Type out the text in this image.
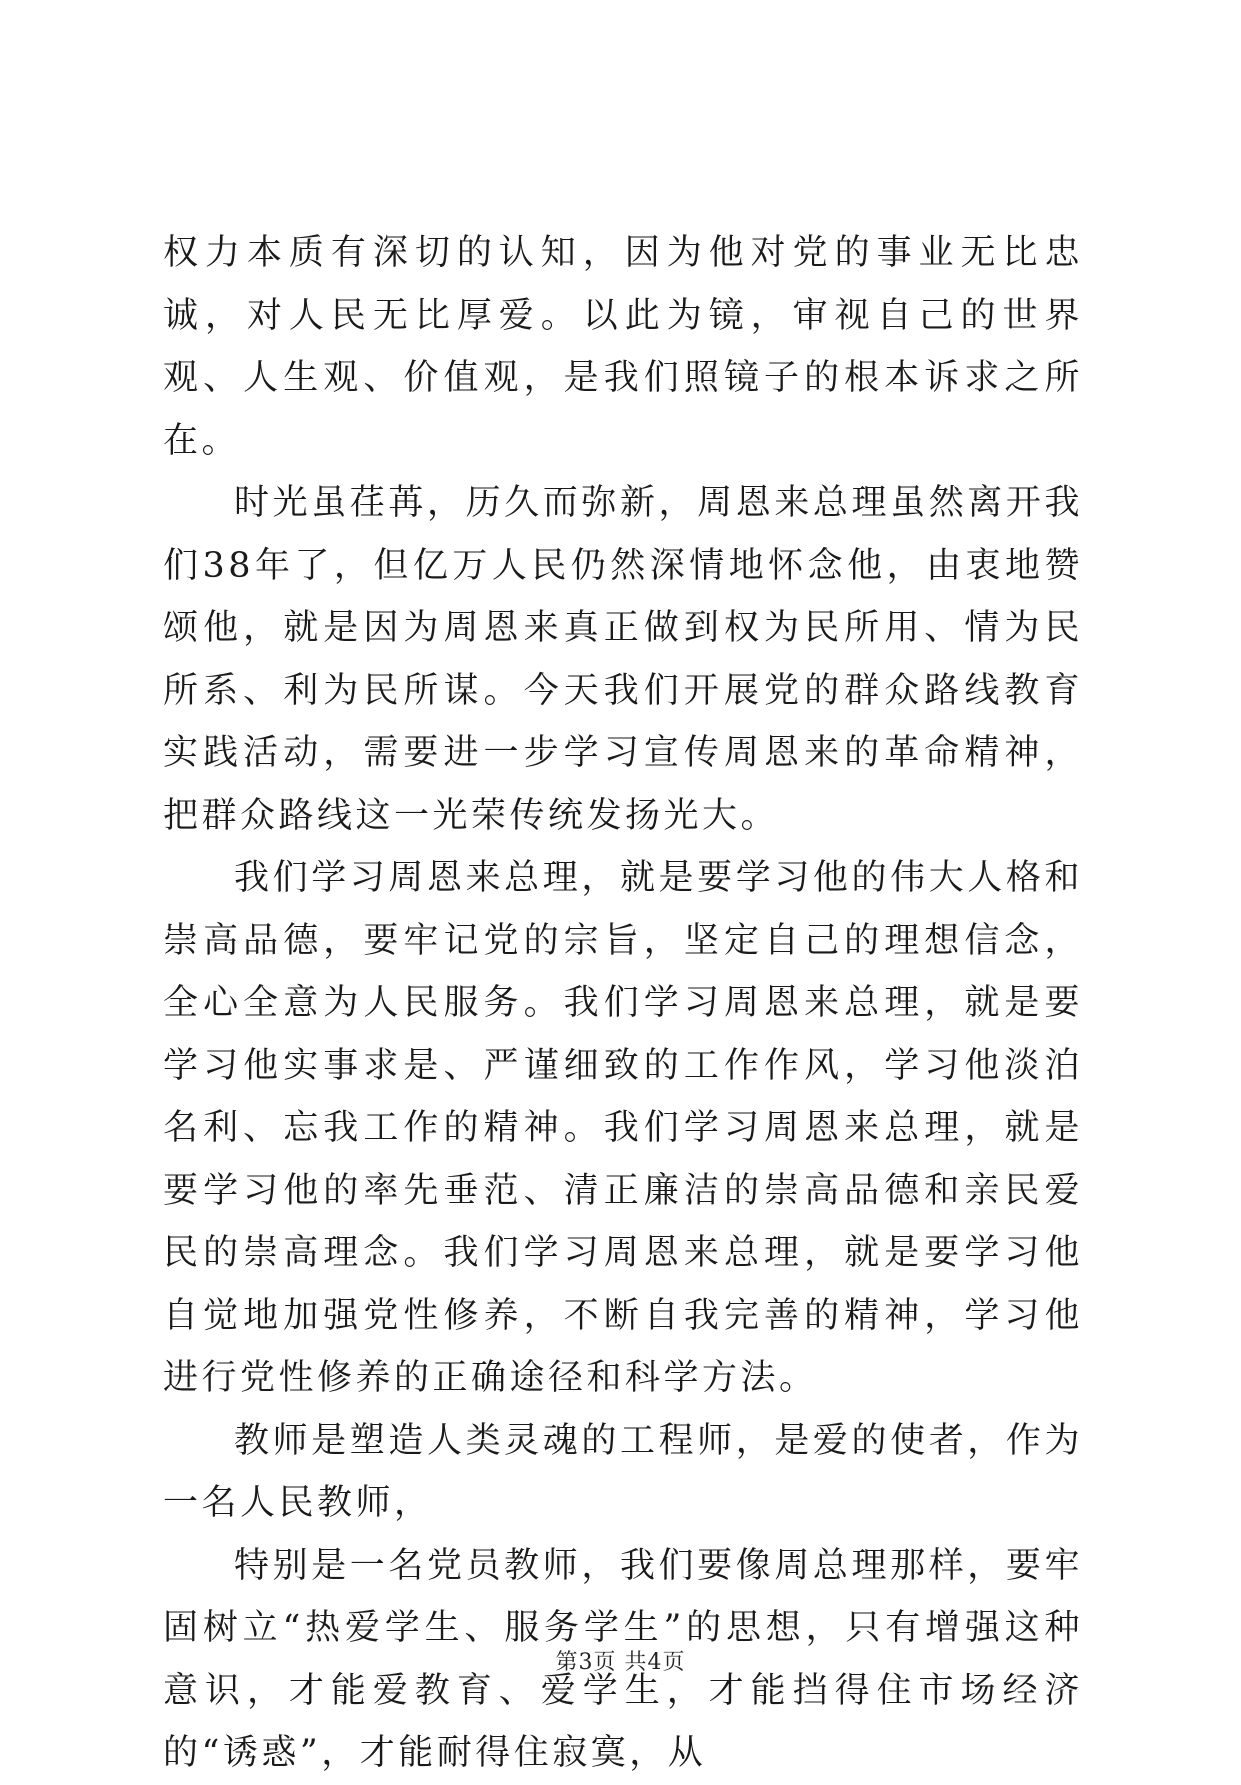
权力本质有深切的认知，因为他对党的事业无比忠诚，对人民无比厚爱。以此为镜，审视自己的世界观、人生观、价值观，是我们照镜子的根本诉求之所在。

时光虽荏苒，历久而弥新，周恩来总理虽然离开我们38年了，但亿万人民仍然深情地怀念他，由衷地赞颂他，就是因为周恩来真正做到权为民所用、情为民所系、利为民所谋。今天我们开展党的群众路线教育实践活动，需要进一步学习宣传周恩来的革命精神，把群众路线这一光荣传统发扬光大。

我们学习周恩来总理，就是要学习他的伟大人格和崇高品德，要牢记党的宗旨，坚定自己的理想信念，全心全意为人民服务。我们学习周恩来总理，就是要学习他实事求是、严谨细致的工作作风，学习他淡泊名利、忘我工作的精神。我们学习周恩来总理，就是要学习他的率先垂范、清正廉洁的崇高品德和亲民爱民的崇高理念。我们学习周恩来总理，就是要学习他自觉地加强党性修养，不断自我完善的精神，学习他进行党性修养的正确途径和科学方法。

教师是塑造人类灵魂的工程师，是爱的使者，作为一名人民教师，

特别是一名党员教师，我们要像周总理那样，要牢固树立“热爱学生、服务学生”的思想，只有增强这种意识，才能爱教育、爱学生，才能挡得住市场经济的“诱惑”，才能耐得住寂寞，从

第3页 共4页
